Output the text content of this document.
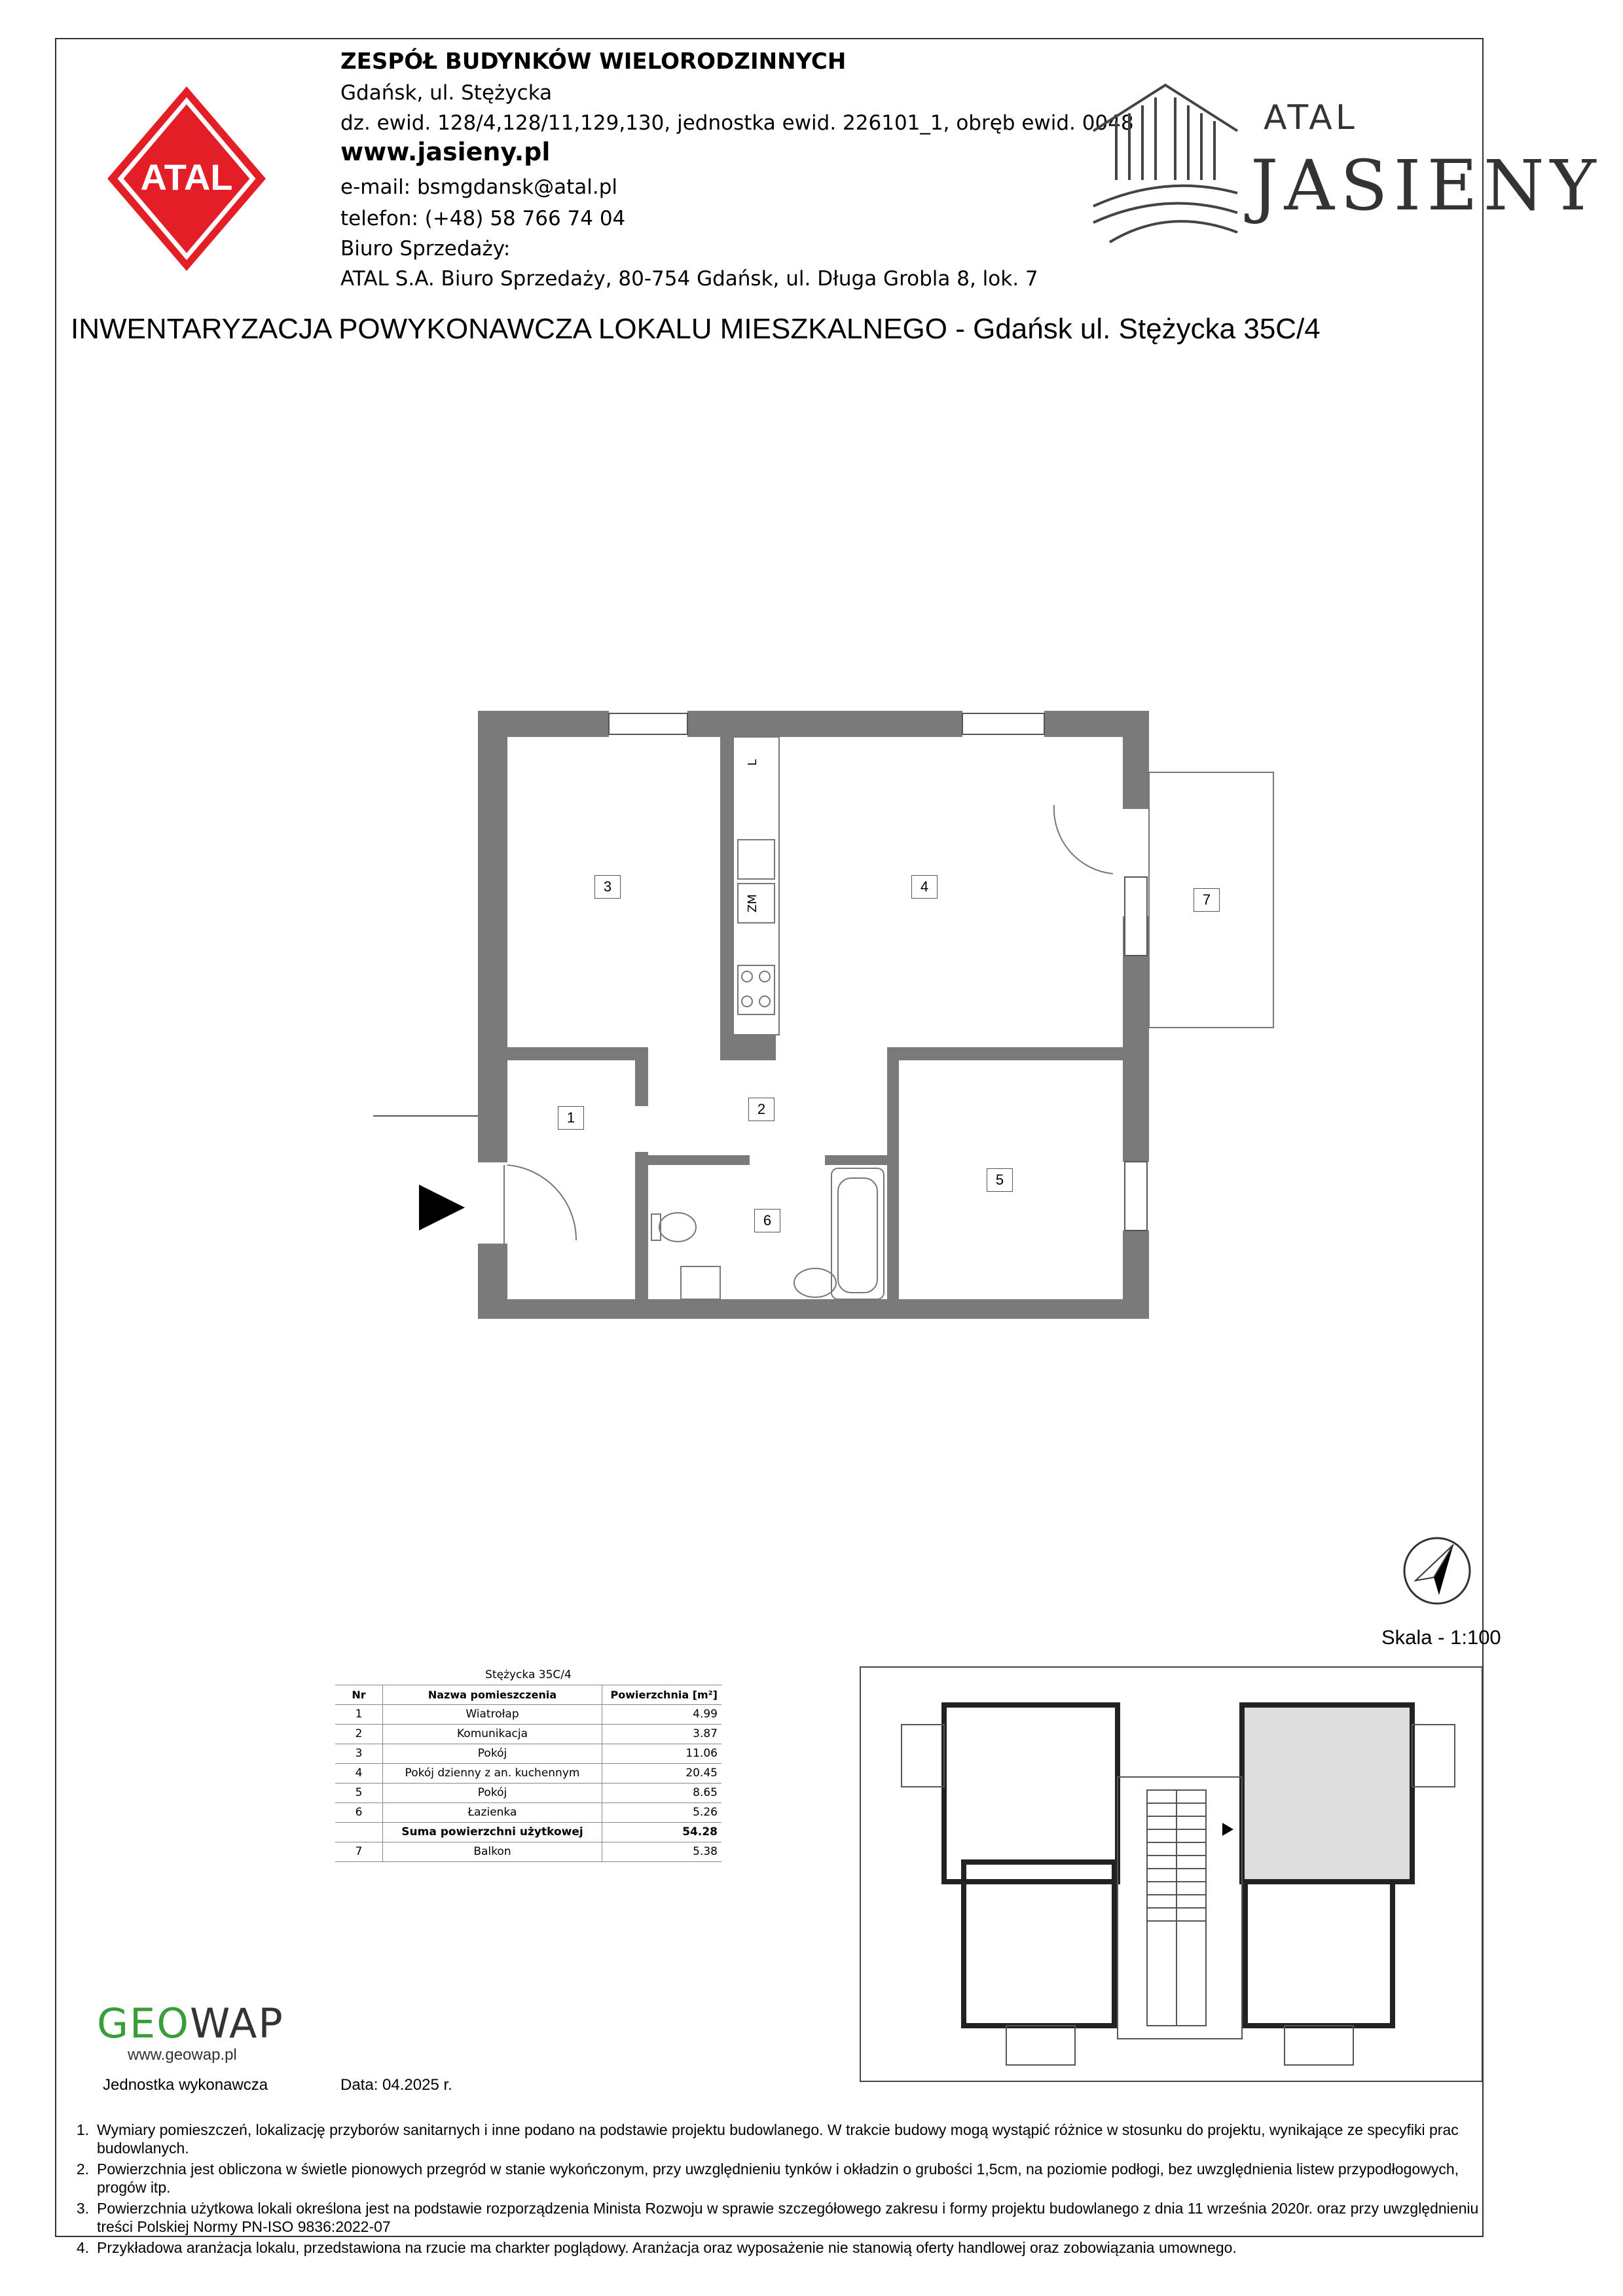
ATAL
ZESPÓŁ BUDYNKÓW WIELORODZINNYCH
Gdańsk, ul. Stężycka
dz. ewid. 128/4,128/11,129,130, jednostka ewid. 226101_1, obręb ewid. 0048
www.jasieny.pl
e-mail: bsmgdansk@atal.pl
telefon: (+48) 58 766 74 04
Biuro Sprzedaży:
ATAL S.A. Biuro Sprzedaży, 80-754 Gdańsk, ul. Długa Grobla 8, lok. 7
ATAL
JASIENY
INWENTARYZACJA POWYKONAWCZA LOKALU MIESZKALNEGO - Gdańsk ul. Stężycka 35C/4
ZM
L
3	4
7
1
2
5
6
Skala - 1:100
Stężycka 35C/4		
Nr	Nazwa pomieszczenia	Powierzchnia [m²]
1	Wiatrołap	4.99
2	Komunikacja	3.87
3	Pokój	11.06
4	Pokój dzienny z an. kuchennym	20.45
5	Pokój	8.65
6	Łazienka	5.26
	Suma powierzchni użytkowej	54.28
7	Balkon	5.38
GEOWAP
www.geowap.pl
Jednostka wykonawcza	Data: 04.2025 r.
1. Wymiary pomieszczeń, lokalizację przyborów sanitarnych i inne podano na podstawie projektu budowlanego. W trakcie budowy mogą wystąpić różnice w stosunku do projektu, wynikające ze specyfiki prac budowlanych.
2. Powierzchnia jest obliczona w świetle pionowych przegród w stanie wykończonym, przy uwzględnieniu tynków i okładzin o grubości 1,5cm, na poziomie podłogi, bez uwzględnienia listew przypodłogowych, progów itp.
3. Powierzchnia użytkowa lokali określona jest na podstawie rozporządzenia Minista Rozwoju w sprawie szczegółowego zakresu i formy projektu budowlanego z dnia 11 września 2020r. oraz przy uwzględnieniu treści Polskiej Normy PN-ISO 9836:2022-07
4. Przykładowa aranżacja lokalu, przedstawiona na rzucie ma charkter poglądowy. Aranżacja oraz wyposażenie nie stanowią oferty handlowej oraz zobowiązania umownego.
